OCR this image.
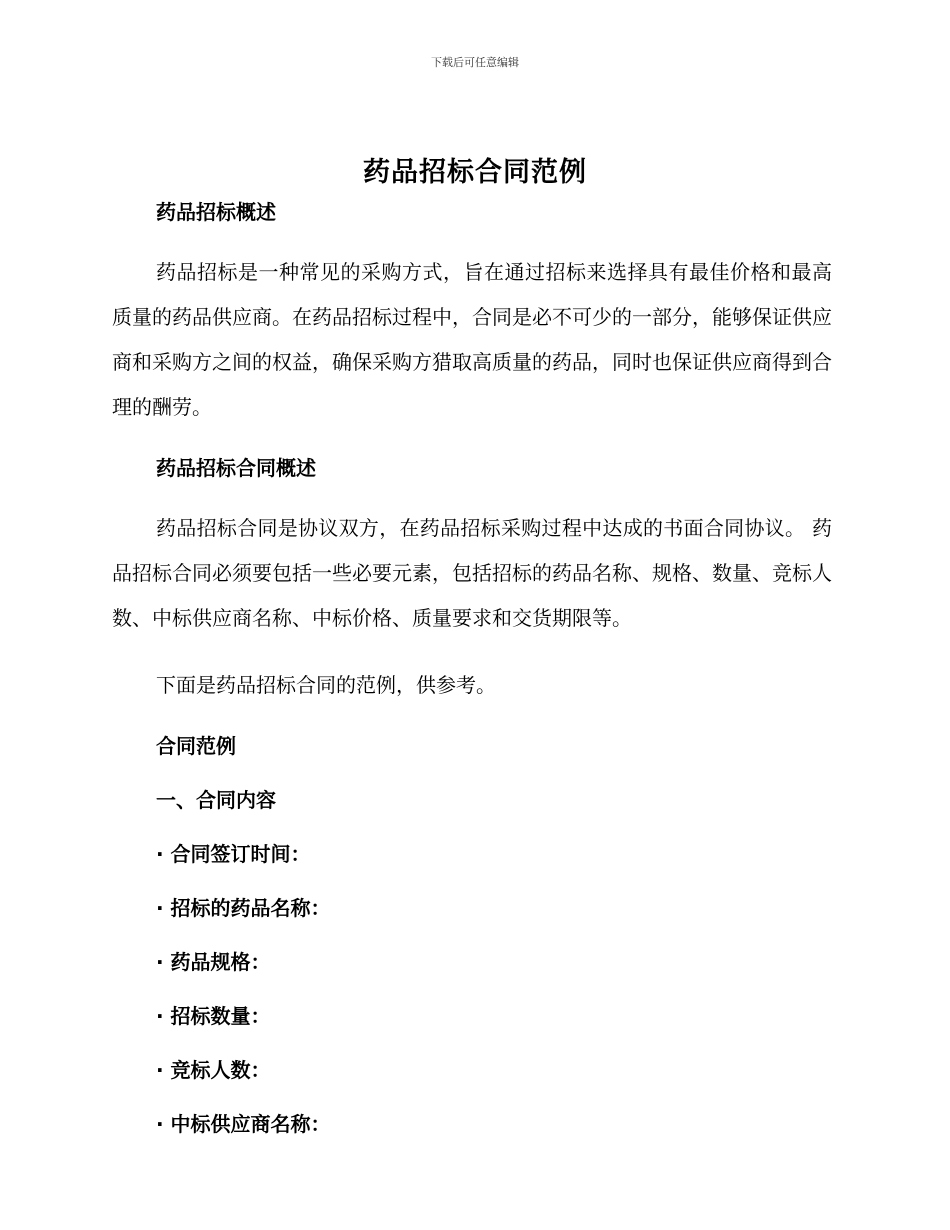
下载后可任意编辑
药品招标合同范例
药品招标概述

药品招标是一种常见的采购方式，旨在通过招标来选择具有最佳价格和最高质量的药品供应商。在药品招标过程中，合同是必不可少的一部分，能够保证供应商和采购方之间的权益，确保采购方猎取高质量的药品，同时也保证供应商得到合理的酬劳。

药品招标合同概述

药品招标合同是协议双方，在药品招标采购过程中达成的书面合同协议。 药品招标合同必须要包括一些必要元素，包括招标的药品名称、规格、数量、竞标人数、中标供应商名称、中标价格、质量要求和交货期限等。

下面是药品招标合同的范例，供参考。

合同范例
一、合同内容
· 合同签订时间：
· 招标的药品名称：
· 药品规格：
· 招标数量：
· 竞标人数：
· 中标供应商名称：
